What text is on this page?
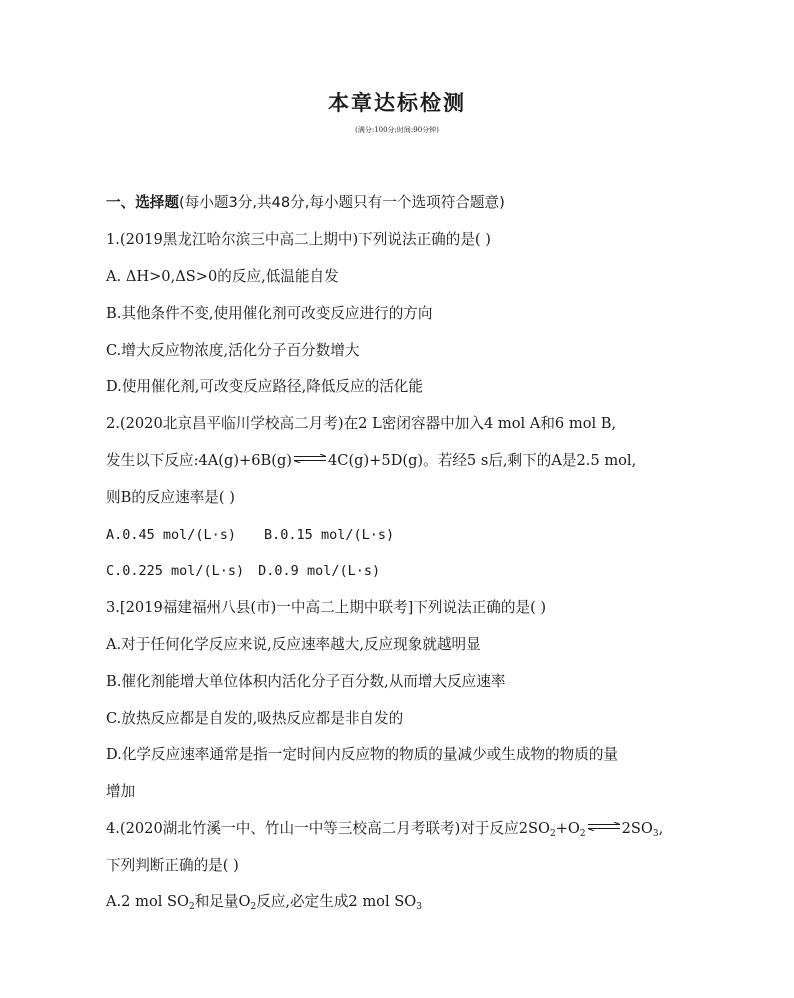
本章达标检测
(满分:100分;时间:90分钟)
一、选择题(每小题3分,共48分,每小题只有一个选项符合题意)
1.(2019黑龙江哈尔滨三中高二上期中)下列说法正确的是( )
A. ΔH>0,ΔS>0的反应,低温能自发
B.其他条件不变,使用催化剂可改变反应进行的方向
C.增大反应物浓度,活化分子百分数增大
D.使用催化剂,可改变反应路径,降低反应的活化能
2.(2020北京昌平临川学校高二月考)在2 L密闭容器中加入4 mol A和6 mol B,
发生以下反应:4A(g)+6B(g)⇌4C(g)+5D(g)。若经5 s后,剩下的A是2.5 mol,
则B的反应速率是( )
A.0.45 mol/(L·s) B.0.15 mol/(L·s)
C.0.225 mol/(L·s) D.0.9 mol/(L·s)
3.[2019福建福州八县(市)一中高二上期中联考]下列说法正确的是( )
A.对于任何化学反应来说,反应速率越大,反应现象就越明显
B.催化剂能增大单位体积内活化分子百分数,从而增大反应速率
C.放热反应都是自发的,吸热反应都是非自发的
D.化学反应速率通常是指一定时间内反应物的物质的量减少或生成物的物质的量
增加
4.(2020湖北竹溪一中、竹山一中等三校高二月考联考)对于反应$2SO_2+O_2$ $\rightleftharpoons 2SO_3$,
下列判断正确的是( )
A.2 mol $SO_2$和足量$O_2$反应,必定生成2 mol $SO_3$
